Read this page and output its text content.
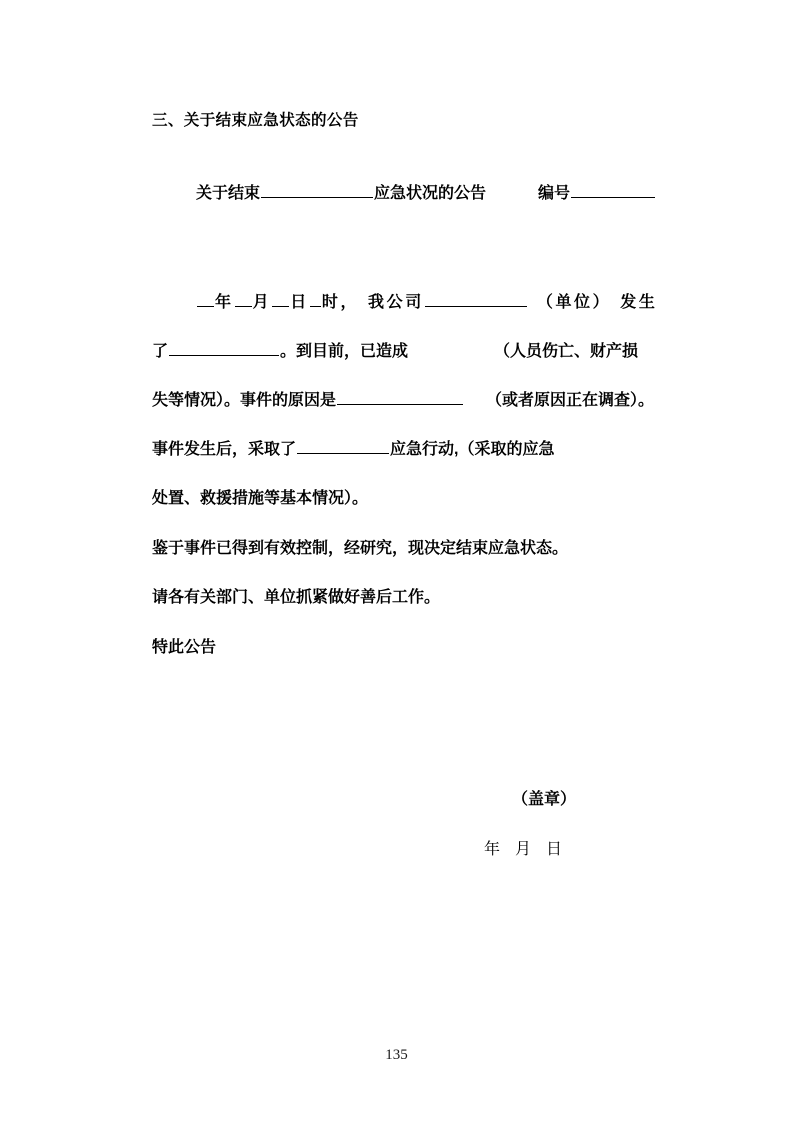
三、关于结束应急状态的公告
关于结束	应急状况的公告	编号
年 月 日 时， 我公司	（单位） 发生
了	。到目前，已造成	（人员伤亡、财产损
失等情况）。事件的原因是	（或者原因正在调查）。
事件发生后，采取了	应急行动,（采取的应急
处置、救援措施等基本情况）。
鉴于事件已得到有效控制，经研究，现决定结束应急状态。
请各有关部门、单位抓紧做好善后工作。
特此公告
（盖章）
年 月 日
135
